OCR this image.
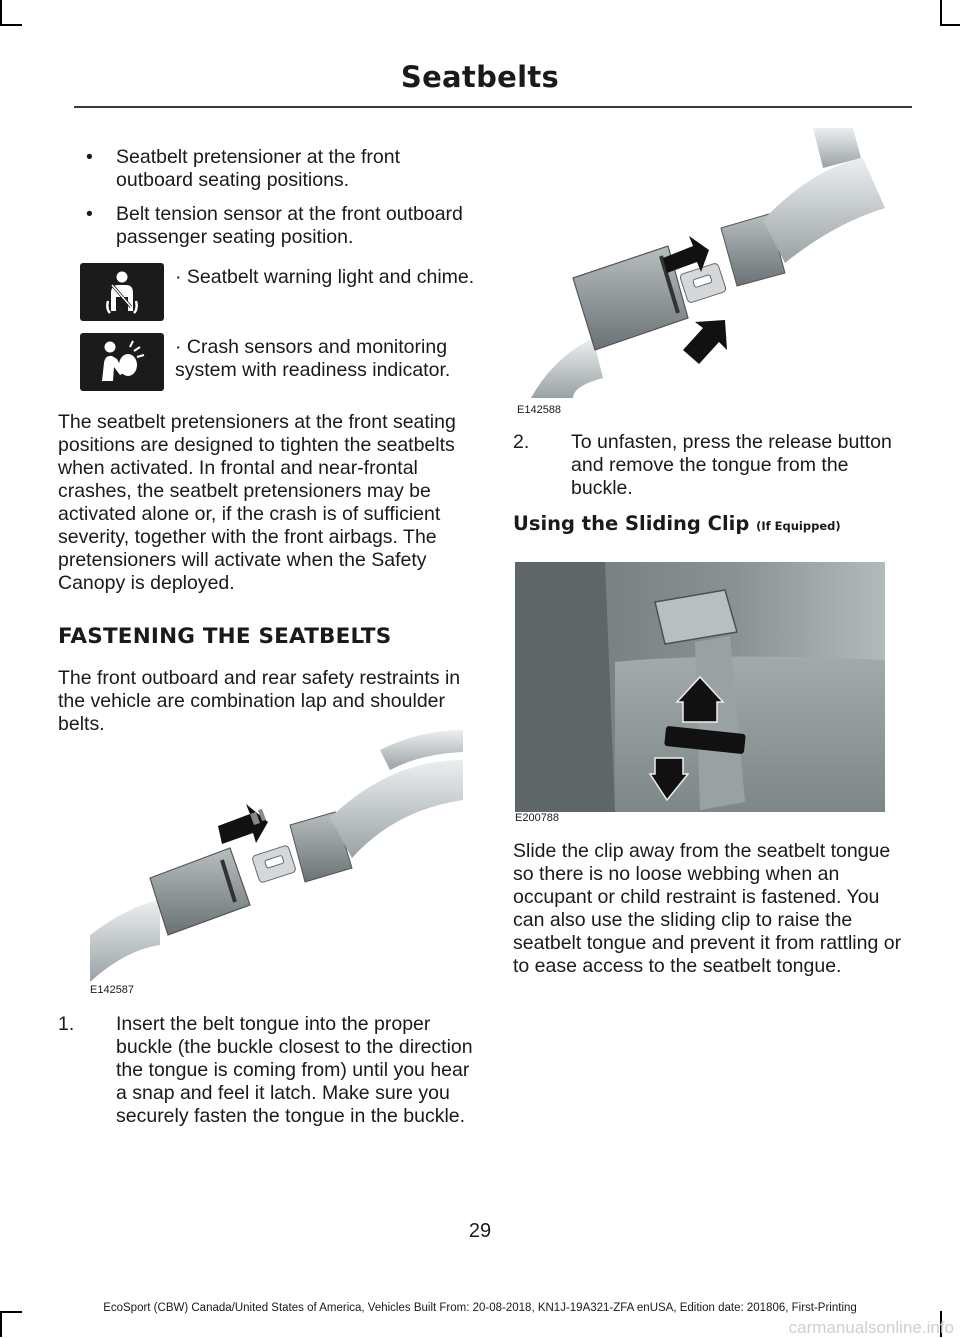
Seatbelts
• Seatbelt pretensioner at the front outboard seating positions.
• Belt tension sensor at the front outboard passenger seating position.
· Seatbelt warning light and chime.
· Crash sensors and monitoring system with readiness indicator.

The seatbelt pretensioners at the front seating positions are designed to tighten the seatbelts when activated. In frontal and near-frontal crashes, the seatbelt pretensioners may be activated alone or, if the crash is of sufficient severity, together with the front airbags. The pretensioners will activate when the Safety Canopy is deployed.

FASTENING THE SEATBELTS

The front outboard and rear safety restraints in the vehicle are combination lap and shoulder belts.

E142587
1. Insert the belt tongue into the proper buckle (the buckle closest to the direction the tongue is coming from) until you hear a snap and feel it latch. Make sure you securely fasten the tongue in the buckle.
E142588
2. To unfasten, press the release button and remove the tongue from the buckle.
Using the Sliding Clip (If Equipped)
E200788

Slide the clip away from the seatbelt tongue so there is no loose webbing when an occupant or child restraint is fastened. You can also use the sliding clip to raise the seatbelt tongue and prevent it from rattling or to ease access to the seatbelt tongue.

29
EcoSport (CBW) Canada/United States of America, Vehicles Built From: 20-08-2018, KN1J-19A321-ZFA enUSA, Edition date: 201806, First-Printing
carmanualsonline.info
